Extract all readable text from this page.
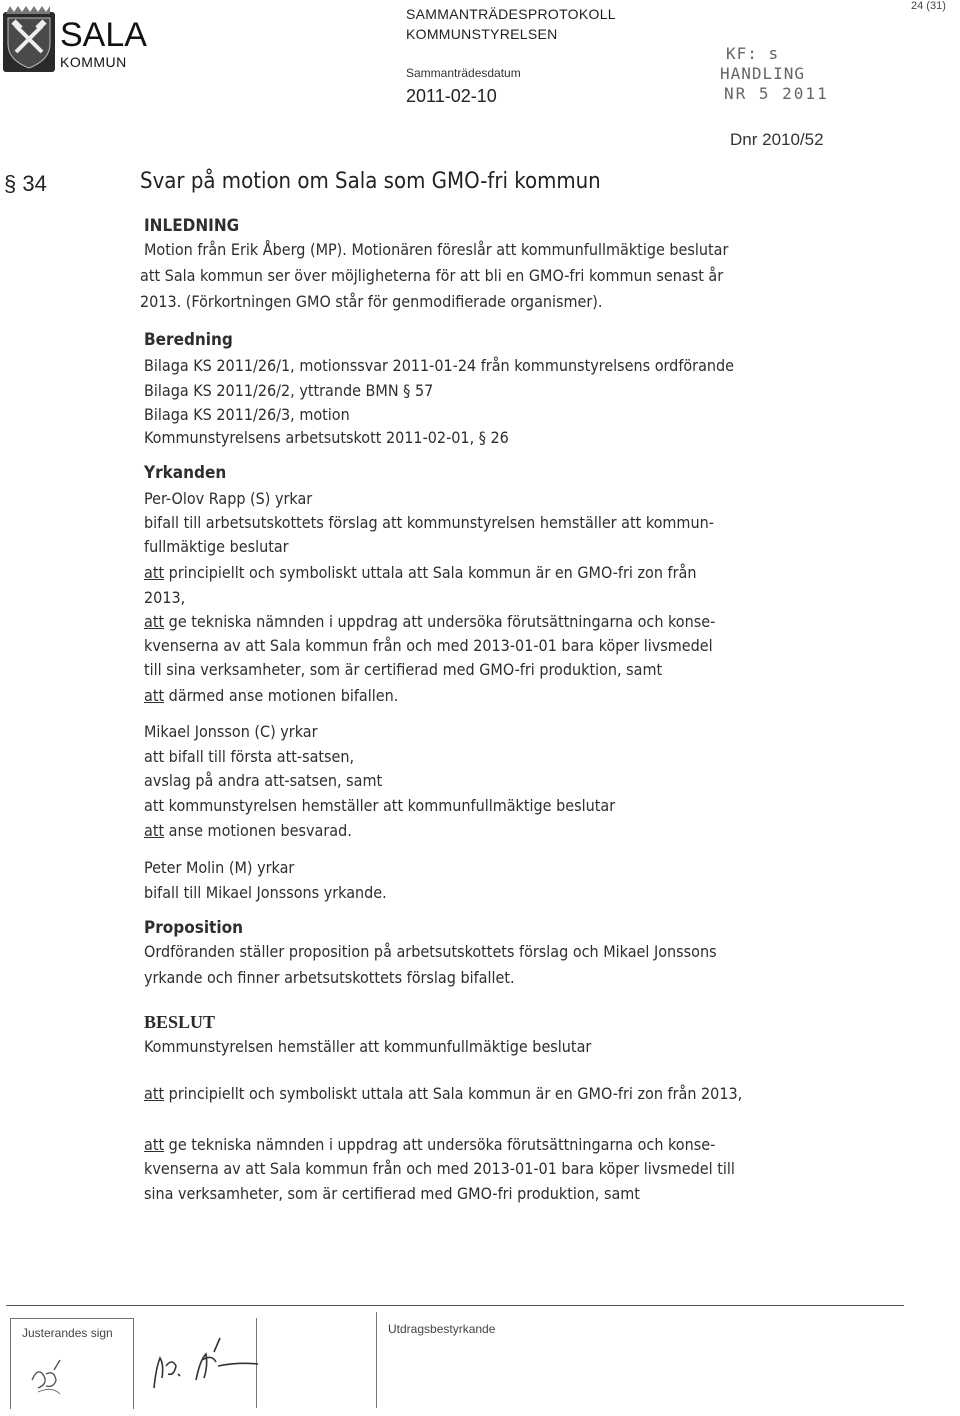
SALA
KOMMUN
SAMMANTRÄDESPROTOKOLL
KOMMUNSTYRELSEN
Sammanträdesdatum
2011-02-10
24 (31)
KF: s
HANDLING
NR 5 2011
Dnr 2010/52
§ 34	Svar på motion om Sala som GMO-fri kommun
INLEDNING
Motion från Erik Åberg (MP). Motionären föreslår att kommunfullmäktige beslutar
att Sala kommun ser över möjligheterna för att bli en GMO-fri kommun senast år
2013. (Förkortningen GMO står för genmodifierade organismer).
Beredning
Bilaga KS 2011/26/1, motionssvar 2011-01-24 från kommunstyrelsens ordförande
Bilaga KS 2011/26/2, yttrande BMN § 57
Bilaga KS 2011/26/3, motion
Kommunstyrelsens arbetsutskott 2011-02-01, § 26
Yrkanden
Per-Olov Rapp (S) yrkar
bifall till arbetsutskottets förslag att kommunstyrelsen hemställer att kommun-
fullmäktige beslutar
att principiellt och symboliskt uttala att Sala kommun är en GMO-fri zon från
2013,
att ge tekniska nämnden i uppdrag att undersöka förutsättningarna och konse-
kvenserna av att Sala kommun från och med 2013-01-01 bara köper livsmedel
till sina verksamheter, som är certifierad med GMO-fri produktion, samt
att därmed anse motionen bifallen.
Mikael Jonsson (C) yrkar
att bifall till första att-satsen,
avslag på andra att-satsen, samt
att kommunstyrelsen hemställer att kommunfullmäktige beslutar
att anse motionen besvarad.
Peter Molin (M) yrkar
bifall till Mikael Jonssons yrkande.
Proposition
Ordföranden ställer proposition på arbetsutskottets förslag och Mikael Jonssons
yrkande och finner arbetsutskottets förslag bifallet.
BESLUT
Kommunstyrelsen hemställer att kommunfullmäktige beslutar
att principiellt och symboliskt uttala att Sala kommun är en GMO-fri zon från 2013,
att ge tekniska nämnden i uppdrag att undersöka förutsättningarna och konse-
kvenserna av att Sala kommun från och med 2013-01-01 bara köper livsmedel till
sina verksamheter, som är certifierad med GMO-fri produktion, samt
Justerandes sign	Utdragsbestyrkande
